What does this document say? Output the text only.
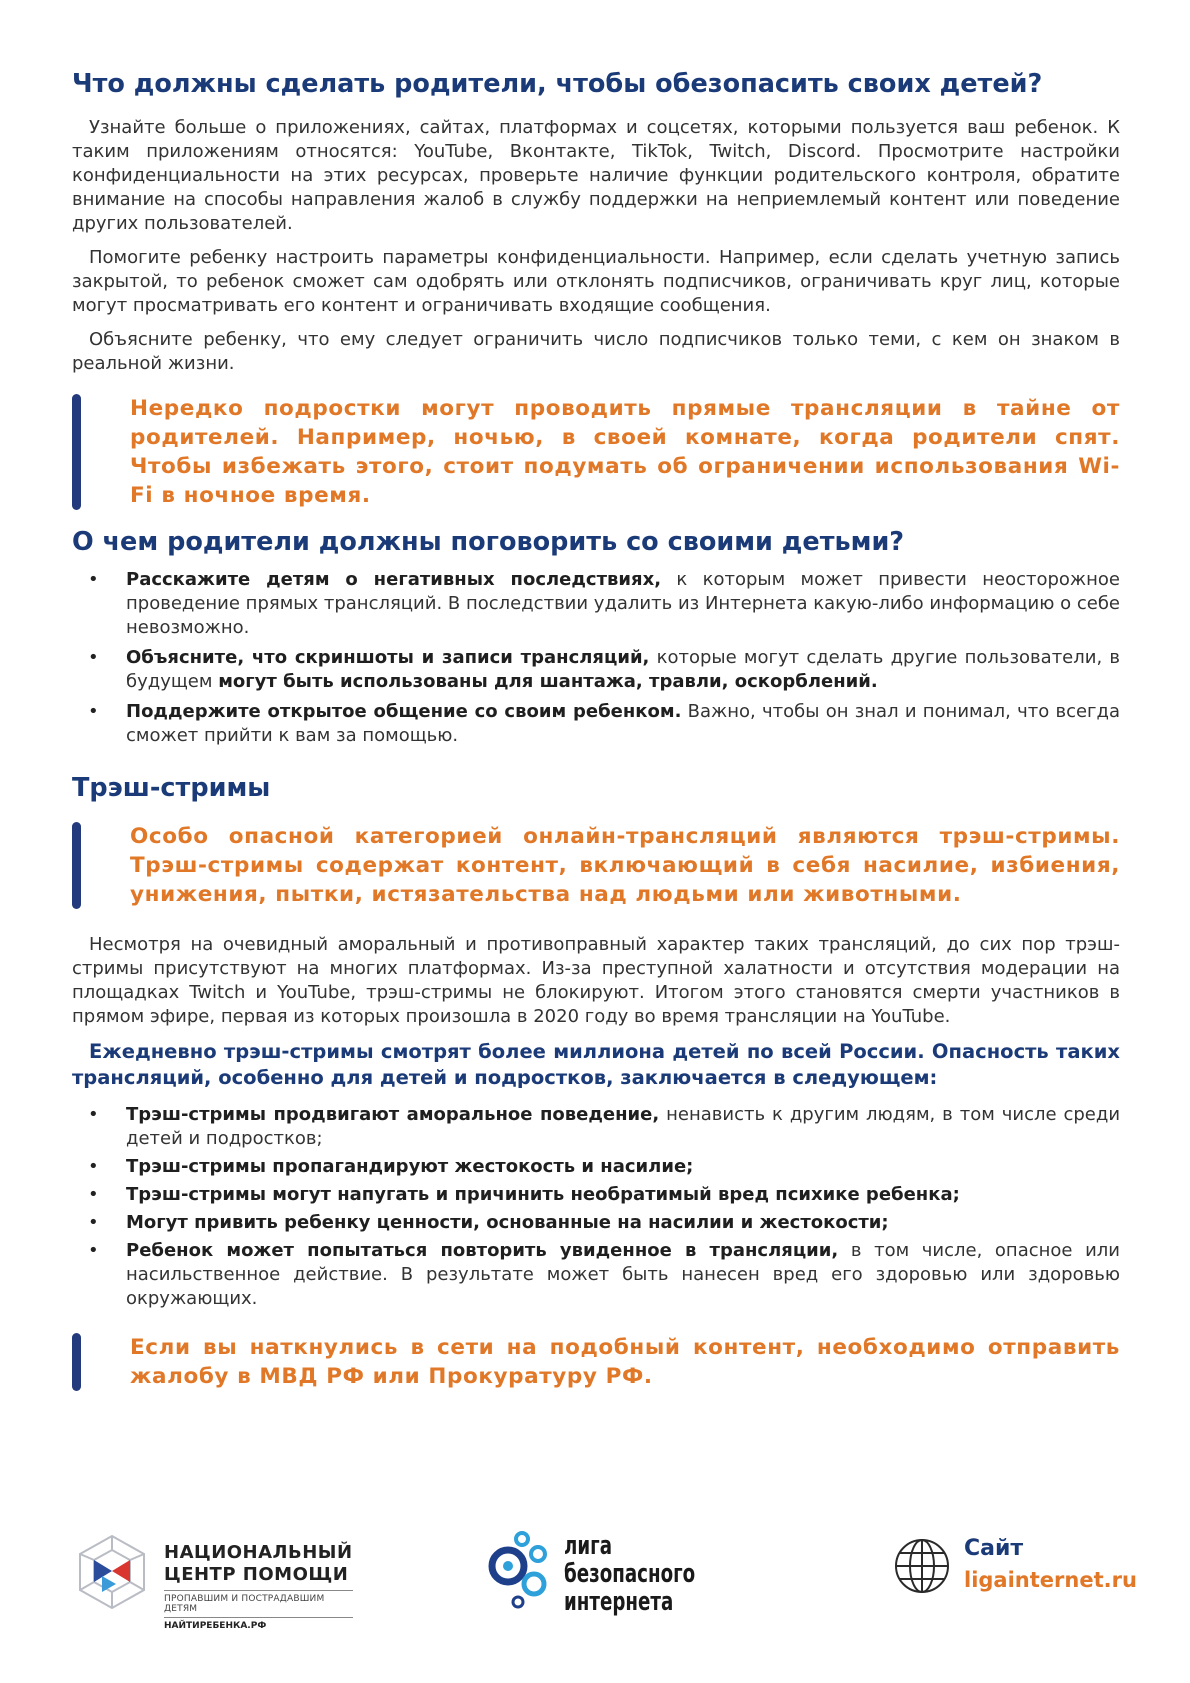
Что должны сделать родители, чтобы обезопасить своих детей?

Узнайте больше о приложениях, сайтах, платформах и соцсетях, которыми пользуется ваш ребенок. К таким приложениям относятся: YouTube, Вконтакте, TikTok, Twitch, Discord. Просмотрите настройки конфиденциальности на этих ресурсах, проверьте наличие функции родительского контроля, обратите внимание на способы направления жалоб в службу поддержки на неприемлемый контент или поведение других пользователей.

Помогите ребенку настроить параметры конфиденциальности. Например, если сделать учетную запись закрытой, то ребенок сможет сам одобрять или отклонять подписчиков, ограничивать круг лиц, которые могут просматривать его контент и ограничивать входящие сообщения.

Объясните ребенку, что ему следует ограничить число подписчиков только теми, с кем он знаком в реальной жизни.

Нередко подростки могут проводить прямые трансляции в тайне от родителей. Например, ночью, в своей комнате, когда родители спят. Чтобы избежать этого, стоит подумать об ограничении использования Wi-Fi в ночное время.
О чем родители должны поговорить со своими детьми?
• Расскажите детям о негативных последствиях, к которым может привести неосторожное проведение прямых трансляций. В последствии удалить из Интернета какую-либо информацию о себе невозможно.
• Объясните, что скриншоты и записи трансляций, которые могут сделать другие пользователи, в будущем могут быть использованы для шантажа, травли, оскорблений.
• Поддержите открытое общение со своим ребенком. Важно, чтобы он знал и понимал, что всегда сможет прийти к вам за помощью.
Трэш-стримы
Особо опасной категорией онлайн-трансляций являются трэш-стримы. Трэш-стримы содержат контент, включающий в себя насилие, избиения, унижения, пытки, истязательства над людьми или животными.

Несмотря на очевидный аморальный и противоправный характер таких трансляций, до сих пор трэш-стримы присутствуют на многих платформах. Из-за преступной халатности и отсутствия модерации на площадках Twitch и YouTube, трэш-стримы не блокируют. Итогом этого становятся смерти участников в прямом эфире, первая из которых произошла в 2020 году во время трансляции на YouTube.

Ежедневно трэш-стримы смотрят более миллиона детей по всей России. Опасность таких трансляций, особенно для детей и подростков, заключается в следующем:

• Трэш-стримы продвигают аморальное поведение, ненависть к другим людям, в том числе среди детей и подростков;
• Трэш-стримы пропагандируют жестокость и насилие;
• Трэш-стримы могут напугать и причинить необратимый вред психике ребенка;
• Могут привить ребенку ценности, основанные на насилии и жестокости;
• Ребенок может попытаться повторить увиденное в трансляции, в том числе, опасное или насильственное действие. В результате может быть нанесен вред его здоровью или здоровью окружающих.
Если вы наткнулись в сети на подобный контент, необходимо отправить жалобу в МВД РФ или Прокуратуру РФ.
НАЦИОНАЛЬНЫЙ
ЦЕНТР ПОМОЩИ
ПРОПАВШИМ И ПОСТРАДАВШИМ ДЕТЯМ
НАЙТИРЕБЕНКА.РФ
лига
безопасного
интернета
Сайт
ligainternet.ru
